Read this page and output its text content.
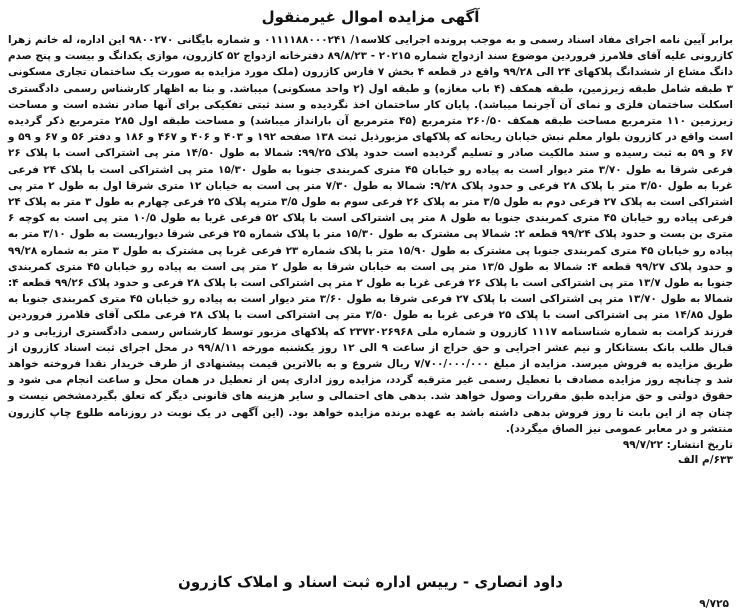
آگهی مزایده اموال غیرمنقول

برابر آیین نامه اجرای مفاد اسناد رسمی و به موجب پرونده اجرایی کلاسه۱/ ۰۱۱۱۱۸۸۰۰۰۲۴۱ و شماره بایگانی ۹۸۰۰۲۷۰ این اداره، له خانم زهرا کازرونی علیه آقای فلامرز فروردین موضوع سند ازدواج شماره ۲۰۲۱۵ - ۸۹/۸/۲۳ دفترخانه ازدواج ۵۲ کازرون، موازی یکدانگ و بیست و پنج صدم دانگ مشاع از ششدانگ پلاکهای ۲۴ الی ۹۹/۲۸ واقع در قطعه ۴ بخش ۷ فارس کازرون (ملک مورد مزایده به صورت یک ساختمان تجاری مسکونی ۳ طبقه شامل طبقه زیرزمین، طبقه همکف (۴ باب مغازه) و طبقه اول (۲ واحد مسکونی) میباشد. و بنا به اظهار کارشناس رسمی دادگستری اسکلت ساختمان فلزی و نمای آن آجرنما میباشد). پایان کار ساختمان اخذ نگردیده و سند ثبتی تفکیکی برای آنها صادر نشده است و مساحت زیرزمین ۱۱۰ مترمربع مساحت طبقه همکف ۲۶۰/۵۰ مترمربع (۴۵ مترمربع آن بارانداز میباشد) و مساحت طبقه اول ۲۸۵ مترمربع ذکر گردیده است واقع در کازرون بلوار معلم نبش خیابان ریحانه که پلاکهای مزبورذیل ثبت ۱۳۸ صفحه ۱۹۲ و ۴۰۳ و ۴۰۶ و ۴۶۷ و ۱۸۶ و دفتر ۵۶ و ۶۷ و ۵۹ و ۶۷ و ۵۹ به ثبت رسیده و سند مالکیت صادر و تسلیم گردیده است حدود پلاک ۹۹/۲۵: شمالا به طول ۱۴/۵۰ متر پی اشتراکی است با پلاک ۲۶ فرعی شرقا به طول ۳/۷۰ متر دیوار است به پیاده رو خیابان ۴۵ متری کمربندی جنوبا به طول ۱۵/۳۰ متر پی اشتراکی است با پلاک ۲۴ فرعی غربا به طول ۳/۵۰ متر با پلاک ۲۸ فرعی و حدود پلاک ۹/۲۸: شمالا به طول ۷/۳۰ متر پی است به خیابان ۱۲ متری شرقا اول به طول ۲ متر پی اشتراکی است به پلاک ۲۷ فرعی دوم به طول ۳/۵ متر به پلاک ۲۶ فرعی سوم به طول ۳/۵ مترپه پلاک ۲۵ فرعی چهارم به طول ۳ متر به پلاک ۲۴ فرعی پیاده رو خیابان ۴۵ متری کمربندی جنوبا به طول ۸ متر پی اشتراکی است با پلاک ۵۲ فرعی غربا به طول ۱۰/۵ متر پی است به کوچه ۶ متری بن بست و حدود پلاک ۹۹/۲۴ قطعه ۲: شمالا پی مشترک به طول ۱۵/۳۰ متر با پلاک شماره ۲۵ فرعی شرقا دیواریست به طول ۳/۱۰ متر به پیاده رو خیابان ۴۵ متری کمربندی جنوبا پی مشترک به طول ۱۵/۹۰ متر با پلاک شماره ۲۳ فرعی غربا پی مشترک به طول ۳ متر به شماره ۹۹/۲۸ و حدود پلاک ۹۹/۲۷ قطعه ۴: شمالا به طول ۱۳/۵ متر پی است به خیابان شرقا به طول ۲ متر پی است به پیاده رو خیابان ۴۵ متری کمربندی جنوبا به طول ۱۳/۷ متر پی اشتراکی است با پلاک ۲۶ فرعی غربا به طول ۲ متر پی اشتراکی است با پلاک ۲۸ فرعی و حدود پلاک ۹۹/۲۶ قطعه ۴: شمالا به طول ۱۳/۷۰ متر پی اشتراکی است با پلاک ۲۷ فرعی شرقا به طول ۳/۶۰ متر دیوار است به پیاده رو خیابان ۴۵ متری کمربندی جنوبا به طول ۱۴/۸۵ متر پی اشتراکی است با پلاک ۲۵ فرعی غربا به طول ۳/۵۰ متر پی اشتراکی است با پلاک ۲۸ فرعی ملکی آقای فلامرز فروردین فرزند کرامت به شماره شناسنامه ۱۱۱۷ کازرون و شماره ملی ۲۳۷۲۰۲۶۹۶۸ که پلاکهای مزبور توسط کارشناس رسمی دادگستری ارزیابی و در قبال طلب بانک بستانکار و نیم عشر اجرایی و حق حراج از ساعت ۹ الی ۱۲ روز یکشنبه مورخه ۹۹/۸/۱۱ در محل اجرای ثبت اسناد کازرون از طریق مزایده به فروش میرسد. مزایده از مبلغ ۷/۷۰۰/۰۰۰/۰۰۰ ریال شروع و به بالاترین قیمت پیشنهادی از طرف خریدار نقدا فروخته خواهد شد و چنانچه روز مزایده مصادف با تعطیل رسمی غیر مترقبه گردد، مزایده روز اداری پس از تعطیل در همان محل و ساعت انجام می شود و حقوق دولتی و حق مزایده طبق مقررات وصول خواهد شد. بدهی های احتمالی و سایر هزینه های قانونی دیگر که تعلق بگیرد‌مشخص نیست و چنان چه از این بابت تا روز فروش بدهی داشته باشد به عهده برنده مزایده خواهد بود. (این آگهی در یک نوبت در روزنامه طلوع چاپ کازرون منتشر و در معابر عمومی نیز الصاق میگردد).

تاریخ انتشار: ۹۹/۷/۲۲
۶۳۳/م الف
داود انصاری - رییس اداره ثبت اسناد و املاک کازرون
۹/۷۲۵
